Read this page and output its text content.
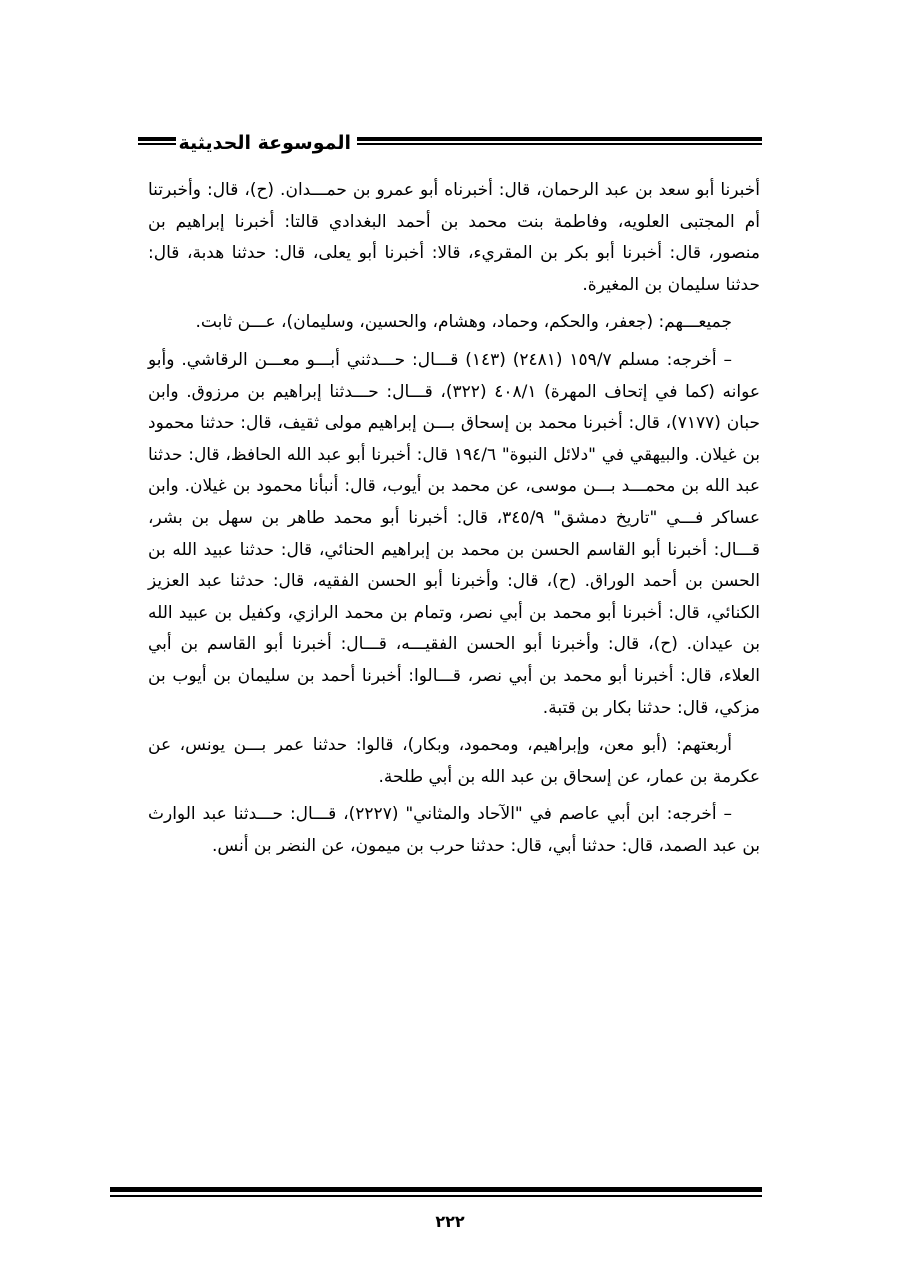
الموسوعة الحديثية

أخبرنا أبو سعد بن عبد الرحمان، قال: أخبرناه أبو عمرو بن حمـــدان. (ح)، قال: وأخبرتنا أم المجتبى العلويه، وفاطمة بنت محمد بن أحمد البغدادي قالتا: أخبرنا إبراهيم بن منصور، قال: أخبرنا أبو بكر بن المقريء، قالا: أخبرنا أبو يعلى، قال: حدثنا هدبة، قال: حدثنا سليمان بن المغيرة.

جميعـــهم: (جعفر، والحكم، وحماد، وهشام، والحسين، وسليمان)، عـــن ثابت.

– أخرجه: مسلم ١٥٩/٧ (٢٤٨١) (١٤٣) قـــال: حـــدثني أبـــو معـــن الرقاشي. وأبو عوانه (كما في إتحاف المهرة) ٤٠٨/١ (٣٢٢)، قـــال: حـــدثنا إبراهيم بن مرزوق. وابن حبان (٧١٧٧)، قال: أخبرنا محمد بن إسحاق بـــن إبراهيم مولى ثقيف، قال: حدثنا محمود بن غيلان. والبيهقي في "دلائل النبوة" ١٩٤/٦ قال: أخبرنا أبو عبد الله الحافظ، قال: حدثنا عبد الله بن محمـــد بـــن موسى، عن محمد بن أيوب، قال: أنبأنا محمود بن غيلان. وابن عساكر فـــي "تاريخ دمشق" ٣٤٥/٩، قال: أخبرنا أبو محمد طاهر بن سهل بن بشر، قـــال: أخبرنا أبو القاسم الحسن بن محمد بن إبراهيم الحنائي، قال: حدثنا عبيد الله بن الحسن بن أحمد الوراق. (ح)، قال: وأخبرنا أبو الحسن الفقيه، قال: حدثنا عبد العزيز الكنائي، قال: أخبرنا أبو محمد بن أبي نصر، وتمام بن محمد الرازي، وكفيل بن عبيد الله بن عيدان. (ح)، قال: وأخبرنا أبو الحسن الفقيـــه، قـــال: أخبرنا أبو القاسم بن أبي العلاء، قال: أخبرنا أبو محمد بن أبي نصر، قـــالوا: أخبرنا أحمد بن سليمان بن أيوب بن مزكي، قال: حدثنا بكار بن قتبة.

أربعتهم: (أبو معن، وإبراهيم، ومحمود، وبكار)، قالوا: حدثنا عمر بـــن يونس، عن عكرمة بن عمار، عن إسحاق بن عبد الله بن أبي طلحة.

– أخرجه: ابن أبي عاصم في "الآحاد والمثاني" (٢٢٢٧)، قـــال: حـــدثنا عبد الوارث بن عبد الصمد، قال: حدثنا أبي، قال: حدثنا حرب بن ميمون، عن النضر بن أنس.

٢٢٢
